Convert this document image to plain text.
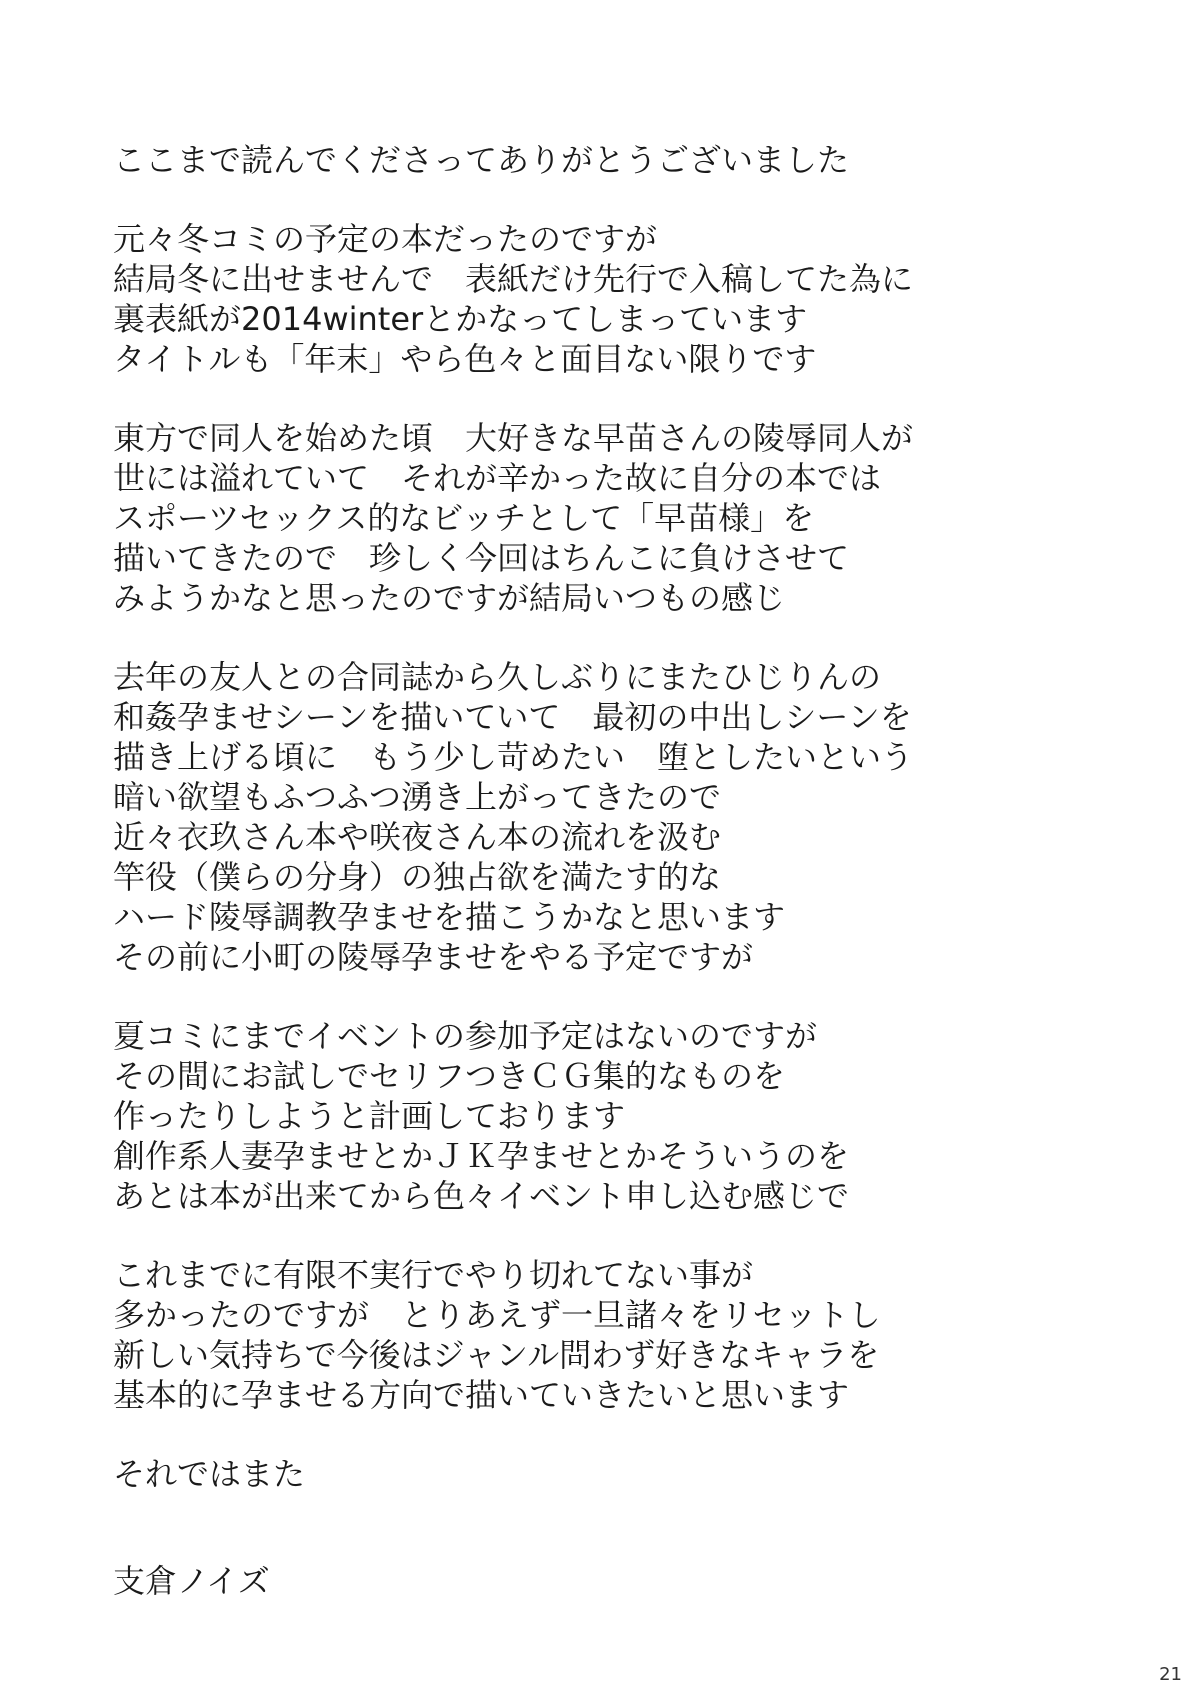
ここまで読んでくださってありがとうございました
元々冬コミの予定の本だったのですが
結局冬に出せませんで　表紙だけ先行で入稿してた為に
裏表紙が2014winterとかなってしまっています
タイトルも「年末」やら色々と面目ない限りです
東方で同人を始めた頃　大好きな早苗さんの陵辱同人が
世には溢れていて　それが辛かった故に自分の本では
スポーツセックス的なビッチとして「早苗様」を
描いてきたので　珍しく今回はちんこに負けさせて
みようかなと思ったのですが結局いつもの感じ
去年の友人との合同誌から久しぶりにまたひじりんの
和姦孕ませシーンを描いていて　最初の中出しシーンを
描き上げる頃に　もう少し苛めたい　堕としたいという
暗い欲望もふつふつ湧き上がってきたので
近々衣玖さん本や咲夜さん本の流れを汲む
竿役（僕らの分身）の独占欲を満たす的な
ハード陵辱調教孕ませを描こうかなと思います
その前に小町の陵辱孕ませをやる予定ですが
夏コミにまでイベントの参加予定はないのですが
その間にお試しでセリフつきＣＧ集的なものを
作ったりしようと計画しております
創作系人妻孕ませとかＪＫ孕ませとかそういうのを
あとは本が出来てから色々イベント申し込む感じで
これまでに有限不実行でやり切れてない事が
多かったのですが　とりあえず一旦諸々をリセットし
新しい気持ちで今後はジャンル問わず好きなキャラを
基本的に孕ませる方向で描いていきたいと思います
それではまた
支倉ノイズ
21
